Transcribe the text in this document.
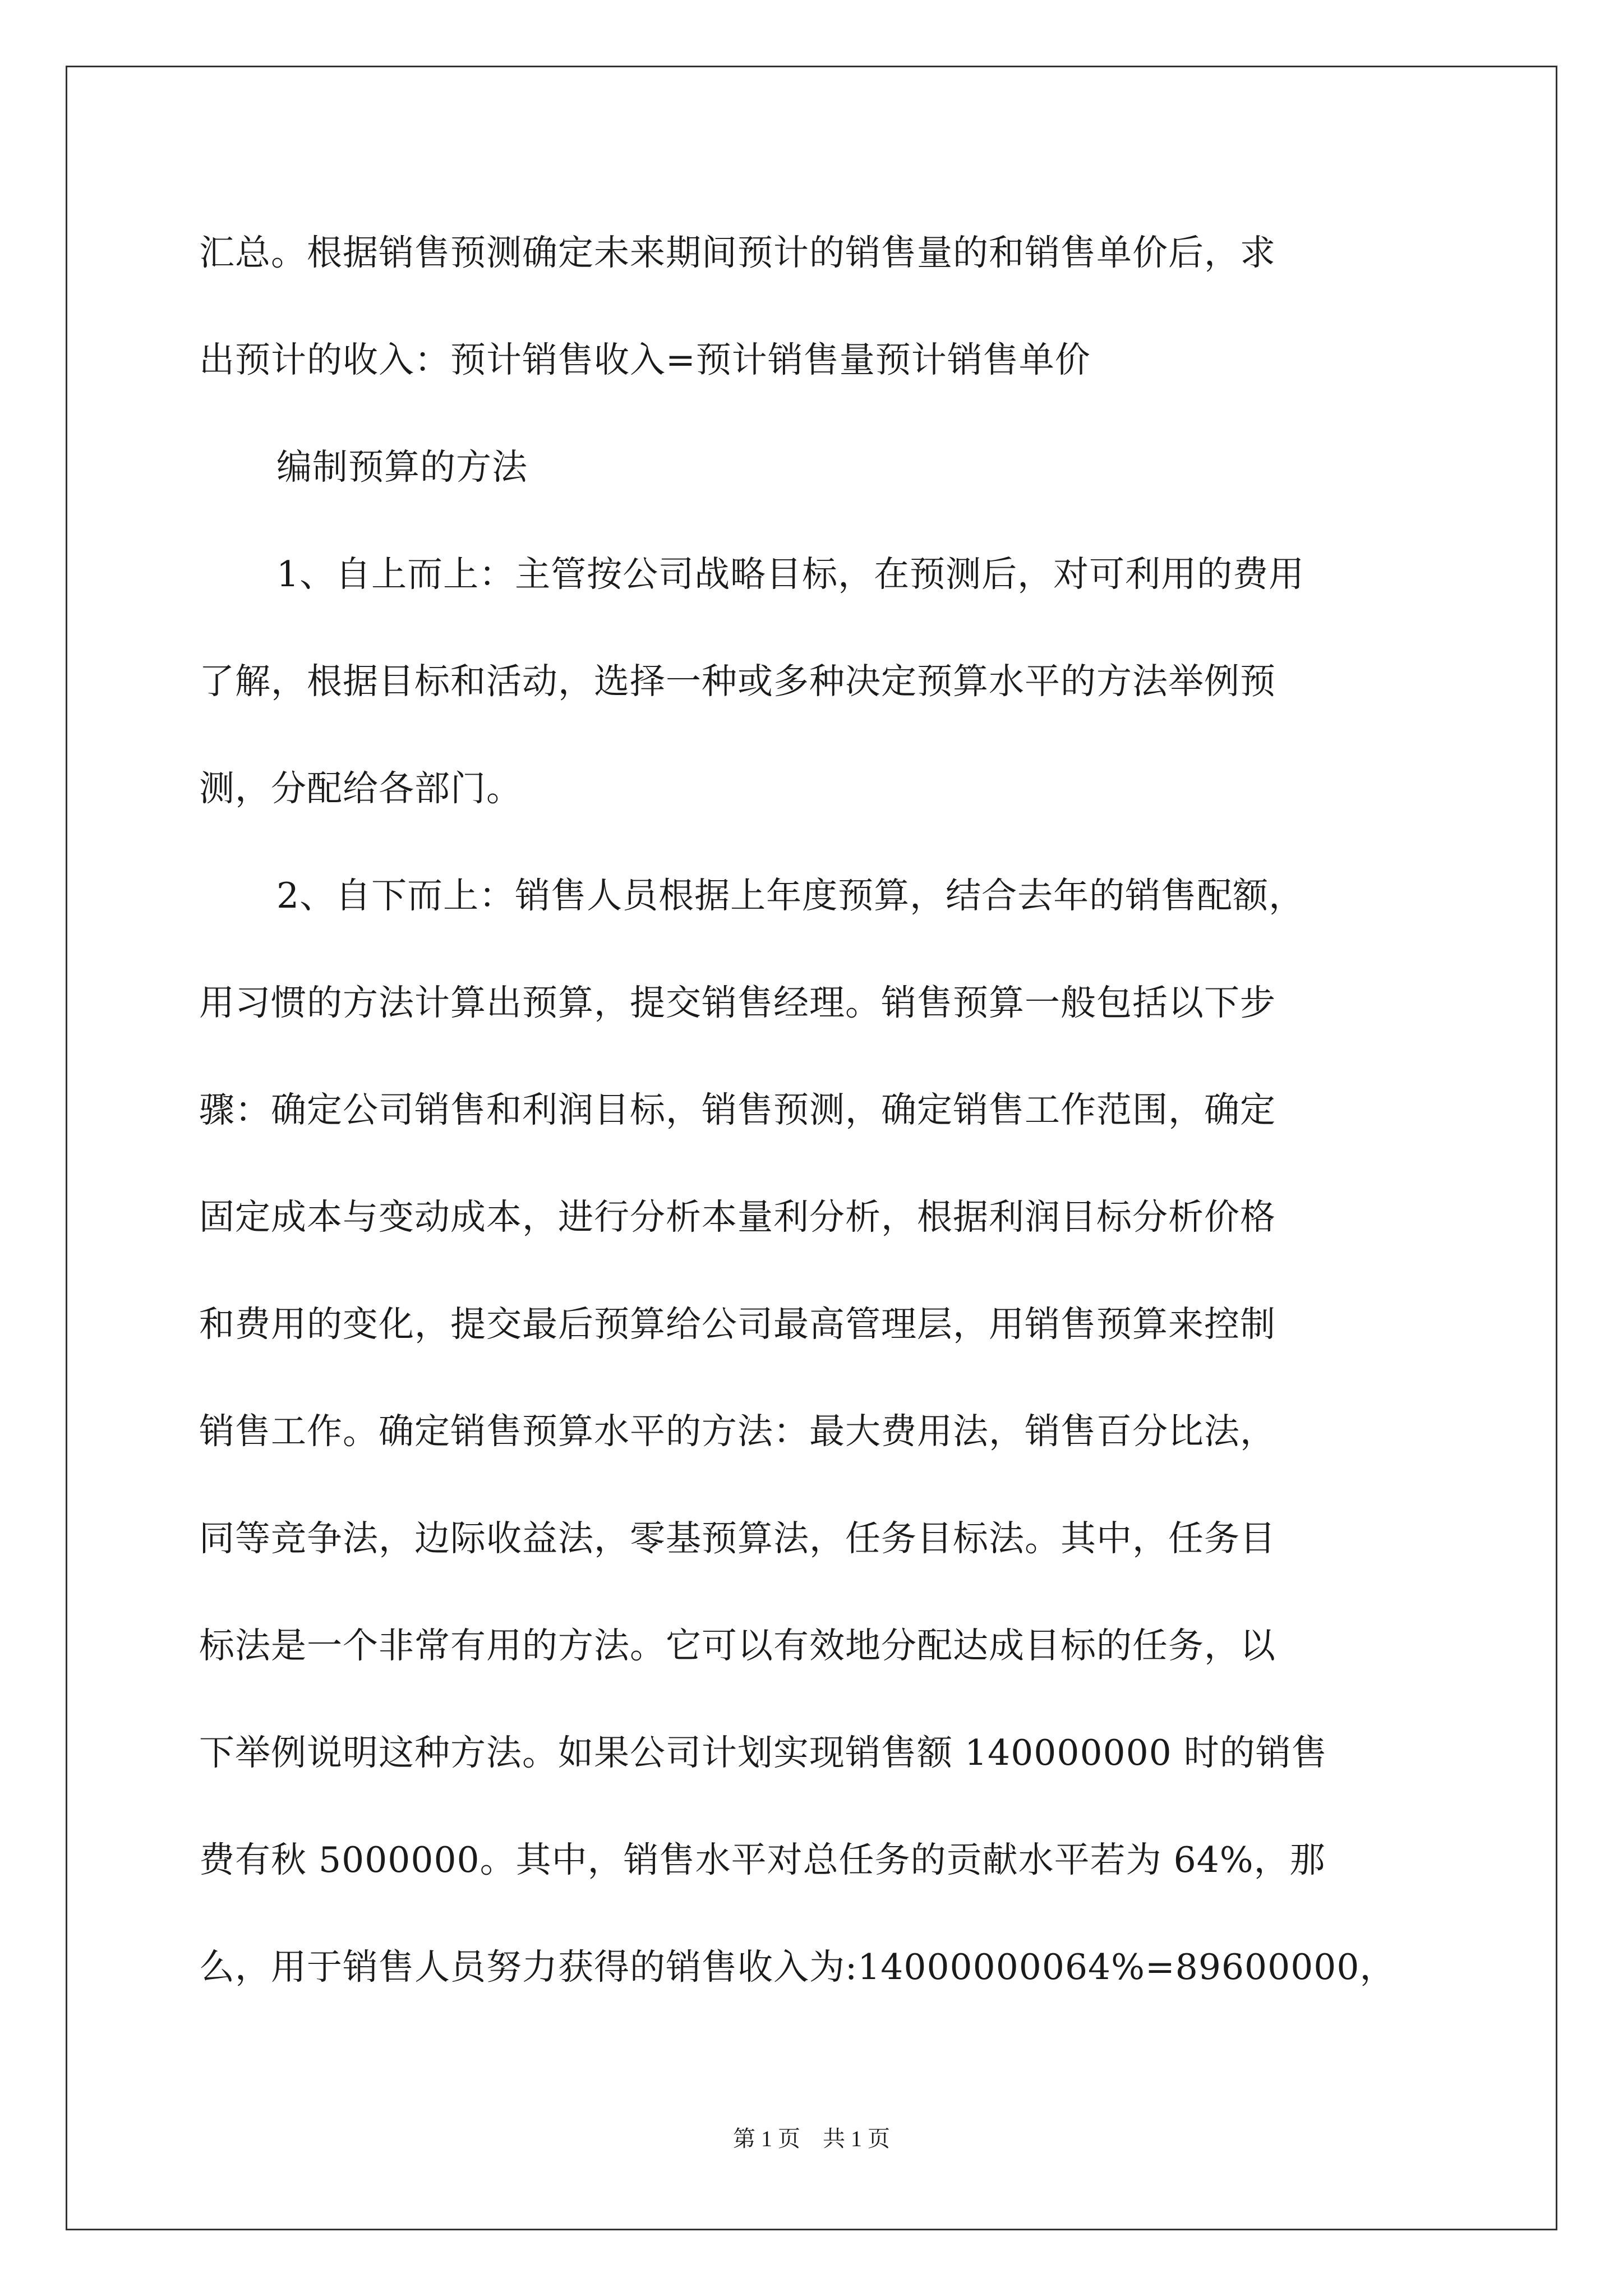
汇总。根据销售预测确定未来期间预计的销售量的和销售单价后，求
出预计的收入：预计销售收入=预计销售量预计销售单价
编制预算的方法
1、自上而上：主管按公司战略目标，在预测后，对可利用的费用
了解，根据目标和活动，选择一种或多种决定预算水平的方法举例预
测，分配给各部门。
2、自下而上：销售人员根据上年度预算，结合去年的销售配额，
用习惯的方法计算出预算，提交销售经理。销售预算一般包括以下步
骤：确定公司销售和利润目标，销售预测，确定销售工作范围，确定
固定成本与变动成本，进行分析本量利分析，根据利润目标分析价格
和费用的变化，提交最后预算给公司最高管理层，用销售预算来控制
销售工作。确定销售预算水平的方法：最大费用法，销售百分比法，
同等竞争法，边际收益法，零基预算法，任务目标法。其中，任务目
标法是一个非常有用的方法。它可以有效地分配达成目标的任务，以
下举例说明这种方法。如果公司计划实现销售额 140000000 时的销售
费有秋 5000000。其中，销售水平对总任务的贡献水平若为 64%，那
么，用于销售人员努力获得的销售收入为:14000000064%=89600000，
第 1 页　共 1 页
